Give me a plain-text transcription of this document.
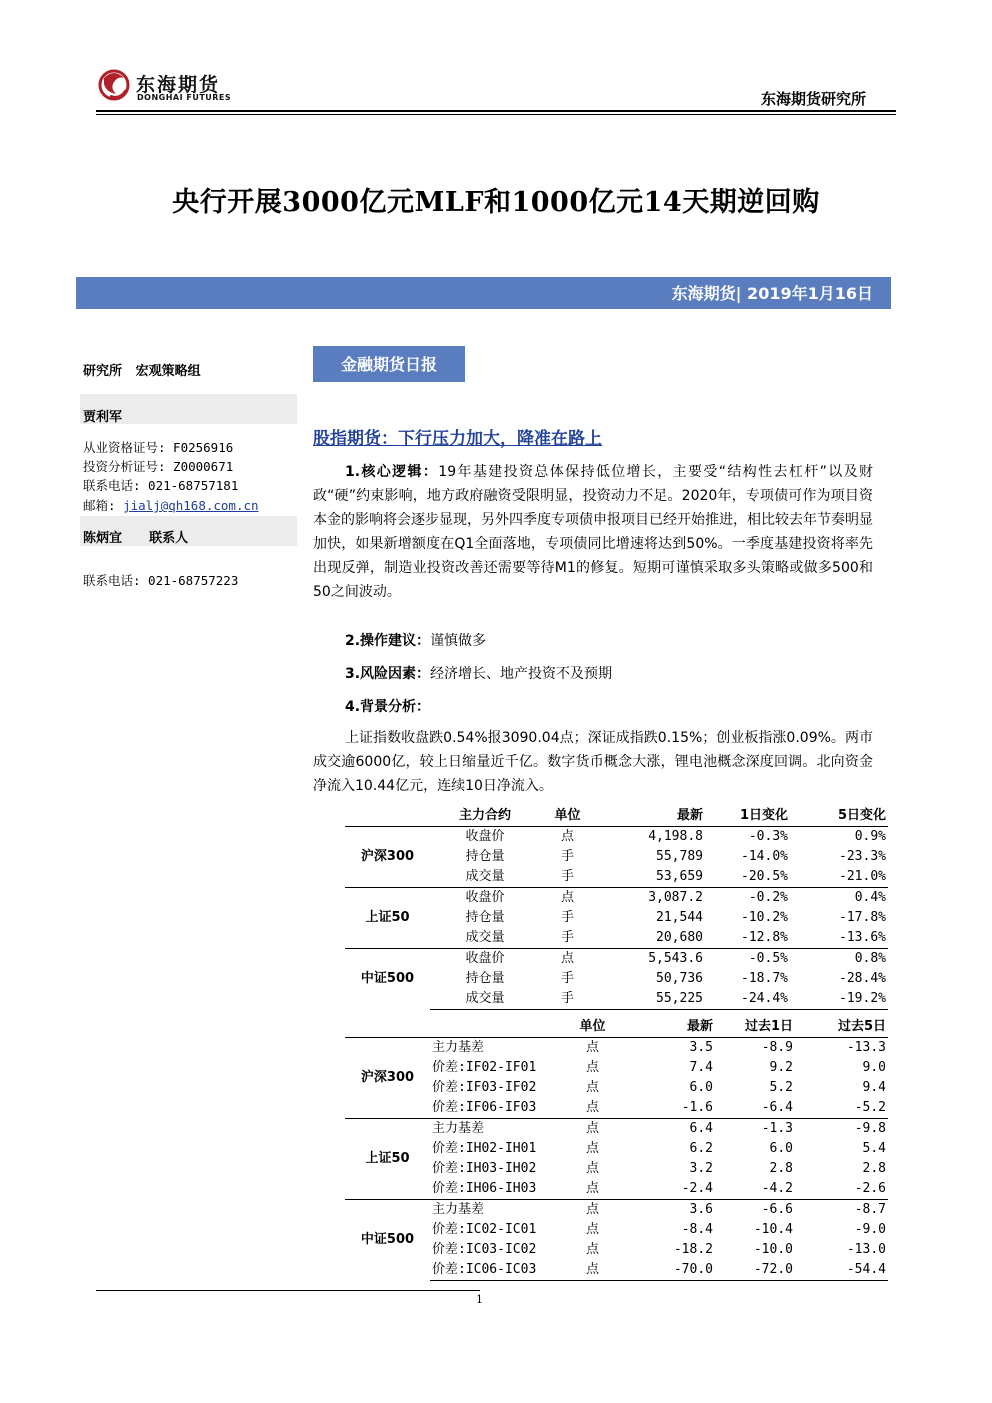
东海期货
DONGHAI FUTURES	东海期货研究所
央行开展3000亿元MLF和1000亿元14天期逆回购
东海期货| 2019年1月16日
研究所   宏观策略组
贾利军
从业资格证号: F0256916
投资分析证号: Z0000671
联系电话: 021-68757181
邮箱: jialj@qh168.com.cn
陈炳宜      联系人
联系电话: 021-68757223
金融期货日报
股指期货：下行压力加大，降准在路上
1.核心逻辑：19年基建投资总体保持低位增长，主要受“结构性去杠杆”以及财政“硬”约束影响，地方政府融资受限明显，投资动力不足。2020年，专项债可作为项目资本金的影响将会逐步显现，另外四季度专项债申报项目已经开始推进，相比较去年节奏明显加快，如果新增额度在Q1全面落地，专项债同比增速将达到50%。一季度基建投资将率先出现反弹，制造业投资改善还需要等待M1的修复。短期可谨慎采取多头策略或做多500和50之间波动。
2.操作建议：谨慎做多
3.风险因素：经济增长、地产投资不及预期
4.背景分析：
上证指数收盘跌0.54%报3090.04点；深证成指跌0.15%；创业板指涨0.09%。两市成交逾6000亿，较上日缩量近千亿。数字货币概念大涨，锂电池概念深度回调。北向资金净流入10.44亿元，连续10日净流入。
	主力合约	单位	最新	1日变化	5日变化
沪深300	收盘价	点	4,198.8	-0.3%	0.9%
	持仓量	手	55,789	-14.0%	-23.3%
	成交量	手	53,659	-20.5%	-21.0%
上证50	收盘价	点	3,087.2	-0.2%	0.4%
	持仓量	手	21,544	-10.2%	-17.8%
	成交量	手	20,680	-12.8%	-13.6%
中证500	收盘价	点	5,543.6	-0.5%	0.8%
	持仓量	手	50,736	-18.7%	-28.4%
	成交量	手	55,225	-24.4%	-19.2%
		单位	最新	过去1日	过去5日
沪深300	主力基差	点	3.5	-8.9	-13.3
	价差:IF02-IF01	点	7.4	9.2	9.0
	价差:IF03-IF02	点	6.0	5.2	9.4
	价差:IF06-IF03	点	-1.6	-6.4	-5.2
上证50	主力基差	点	6.4	-1.3	-9.8
	价差:IH02-IH01	点	6.2	6.0	5.4
	价差:IH03-IH02	点	3.2	2.8	2.8
	价差:IH06-IH03	点	-2.4	-4.2	-2.6
中证500	主力基差	点	3.6	-6.6	-8.7
	价差:IC02-IC01	点	-8.4	-10.4	-9.0
	价差:IC03-IC02	点	-18.2	-10.0	-13.0
	价差:IC06-IC03	点	-70.0	-72.0	-54.4
1
